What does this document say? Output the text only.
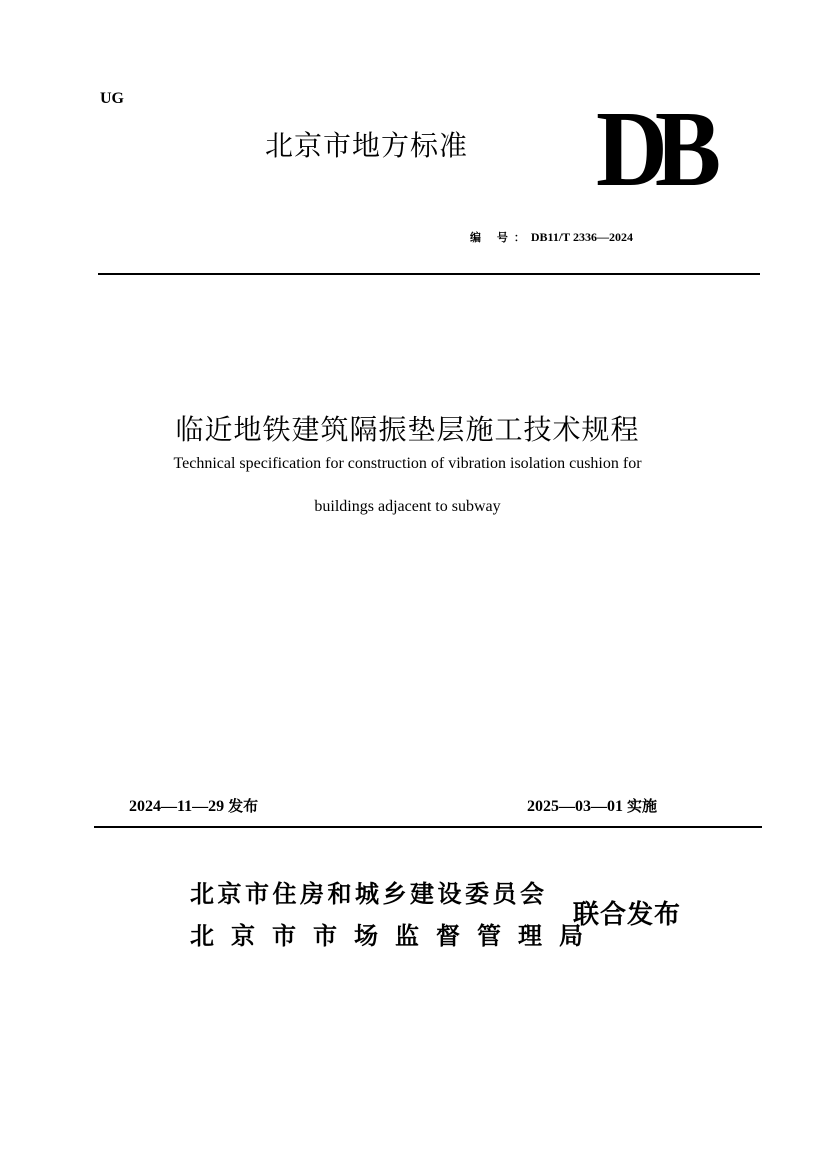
UG
北京市地方标准 DB
编 号：DB11/T 2336—2024
临近地铁建筑隔振垫层施工技术规程
Technical specification for construction of vibration isolation cushion for
buildings adjacent to subway
2024—11—29 发布	2025—03—01 实施
北京市住房和城乡建设委员会
北京市市场监督管理局
联合发布
